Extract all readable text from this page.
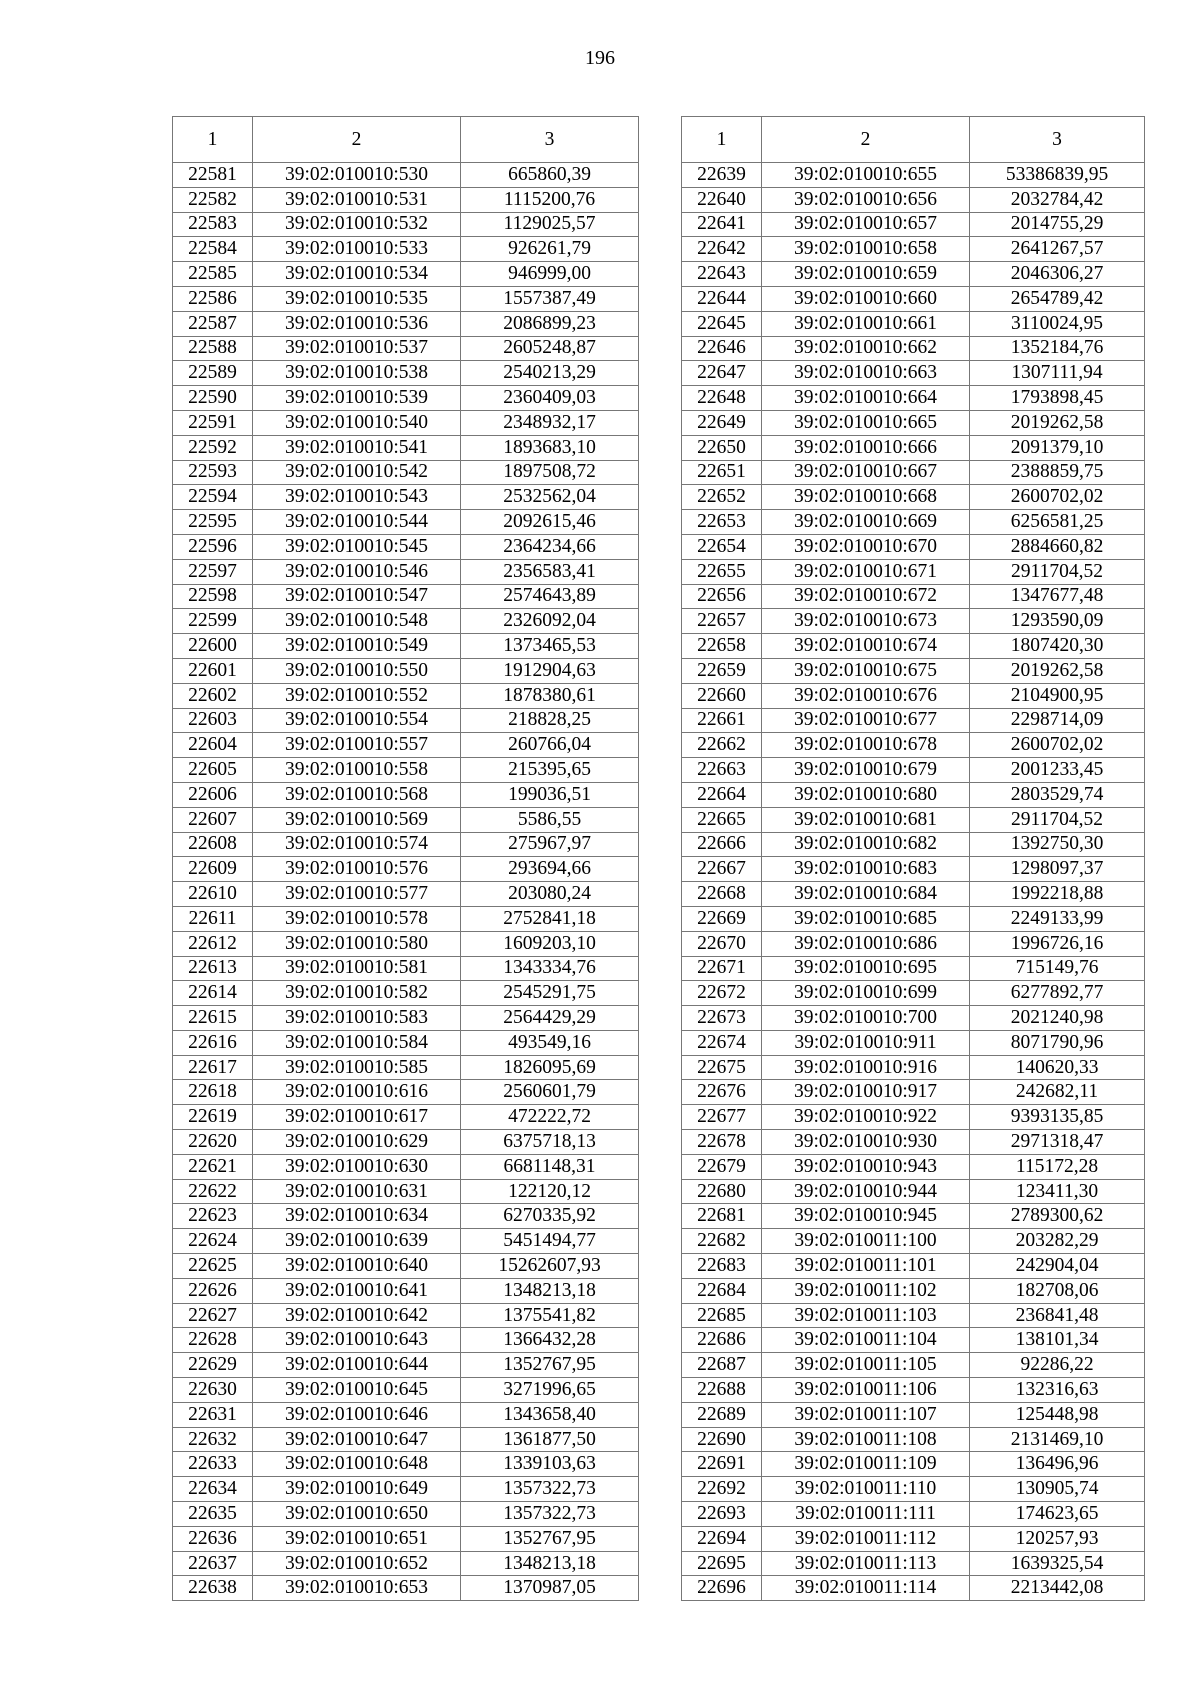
196
1	2	3
22581	39:02:010010:530	665860,39
22582	39:02:010010:531	1115200,76
22583	39:02:010010:532	1129025,57
22584	39:02:010010:533	926261,79
22585	39:02:010010:534	946999,00
22586	39:02:010010:535	1557387,49
22587	39:02:010010:536	2086899,23
22588	39:02:010010:537	2605248,87
22589	39:02:010010:538	2540213,29
22590	39:02:010010:539	2360409,03
22591	39:02:010010:540	2348932,17
22592	39:02:010010:541	1893683,10
22593	39:02:010010:542	1897508,72
22594	39:02:010010:543	2532562,04
22595	39:02:010010:544	2092615,46
22596	39:02:010010:545	2364234,66
22597	39:02:010010:546	2356583,41
22598	39:02:010010:547	2574643,89
22599	39:02:010010:548	2326092,04
22600	39:02:010010:549	1373465,53
22601	39:02:010010:550	1912904,63
22602	39:02:010010:552	1878380,61
22603	39:02:010010:554	218828,25
22604	39:02:010010:557	260766,04
22605	39:02:010010:558	215395,65
22606	39:02:010010:568	199036,51
22607	39:02:010010:569	5586,55
22608	39:02:010010:574	275967,97
22609	39:02:010010:576	293694,66
22610	39:02:010010:577	203080,24
22611	39:02:010010:578	2752841,18
22612	39:02:010010:580	1609203,10
22613	39:02:010010:581	1343334,76
22614	39:02:010010:582	2545291,75
22615	39:02:010010:583	2564429,29
22616	39:02:010010:584	493549,16
22617	39:02:010010:585	1826095,69
22618	39:02:010010:616	2560601,79
22619	39:02:010010:617	472222,72
22620	39:02:010010:629	6375718,13
22621	39:02:010010:630	6681148,31
22622	39:02:010010:631	122120,12
22623	39:02:010010:634	6270335,92
22624	39:02:010010:639	5451494,77
22625	39:02:010010:640	15262607,93
22626	39:02:010010:641	1348213,18
22627	39:02:010010:642	1375541,82
22628	39:02:010010:643	1366432,28
22629	39:02:010010:644	1352767,95
22630	39:02:010010:645	3271996,65
22631	39:02:010010:646	1343658,40
22632	39:02:010010:647	1361877,50
22633	39:02:010010:648	1339103,63
22634	39:02:010010:649	1357322,73
22635	39:02:010010:650	1357322,73
22636	39:02:010010:651	1352767,95
22637	39:02:010010:652	1348213,18
22638	39:02:010010:653	1370987,05
1	2	3
22639	39:02:010010:655	53386839,95
22640	39:02:010010:656	2032784,42
22641	39:02:010010:657	2014755,29
22642	39:02:010010:658	2641267,57
22643	39:02:010010:659	2046306,27
22644	39:02:010010:660	2654789,42
22645	39:02:010010:661	3110024,95
22646	39:02:010010:662	1352184,76
22647	39:02:010010:663	1307111,94
22648	39:02:010010:664	1793898,45
22649	39:02:010010:665	2019262,58
22650	39:02:010010:666	2091379,10
22651	39:02:010010:667	2388859,75
22652	39:02:010010:668	2600702,02
22653	39:02:010010:669	6256581,25
22654	39:02:010010:670	2884660,82
22655	39:02:010010:671	2911704,52
22656	39:02:010010:672	1347677,48
22657	39:02:010010:673	1293590,09
22658	39:02:010010:674	1807420,30
22659	39:02:010010:675	2019262,58
22660	39:02:010010:676	2104900,95
22661	39:02:010010:677	2298714,09
22662	39:02:010010:678	2600702,02
22663	39:02:010010:679	2001233,45
22664	39:02:010010:680	2803529,74
22665	39:02:010010:681	2911704,52
22666	39:02:010010:682	1392750,30
22667	39:02:010010:683	1298097,37
22668	39:02:010010:684	1992218,88
22669	39:02:010010:685	2249133,99
22670	39:02:010010:686	1996726,16
22671	39:02:010010:695	715149,76
22672	39:02:010010:699	6277892,77
22673	39:02:010010:700	2021240,98
22674	39:02:010010:911	8071790,96
22675	39:02:010010:916	140620,33
22676	39:02:010010:917	242682,11
22677	39:02:010010:922	9393135,85
22678	39:02:010010:930	2971318,47
22679	39:02:010010:943	115172,28
22680	39:02:010010:944	123411,30
22681	39:02:010010:945	2789300,62
22682	39:02:010011:100	203282,29
22683	39:02:010011:101	242904,04
22684	39:02:010011:102	182708,06
22685	39:02:010011:103	236841,48
22686	39:02:010011:104	138101,34
22687	39:02:010011:105	92286,22
22688	39:02:010011:106	132316,63
22689	39:02:010011:107	125448,98
22690	39:02:010011:108	2131469,10
22691	39:02:010011:109	136496,96
22692	39:02:010011:110	130905,74
22693	39:02:010011:111	174623,65
22694	39:02:010011:112	120257,93
22695	39:02:010011:113	1639325,54
22696	39:02:010011:114	2213442,08
